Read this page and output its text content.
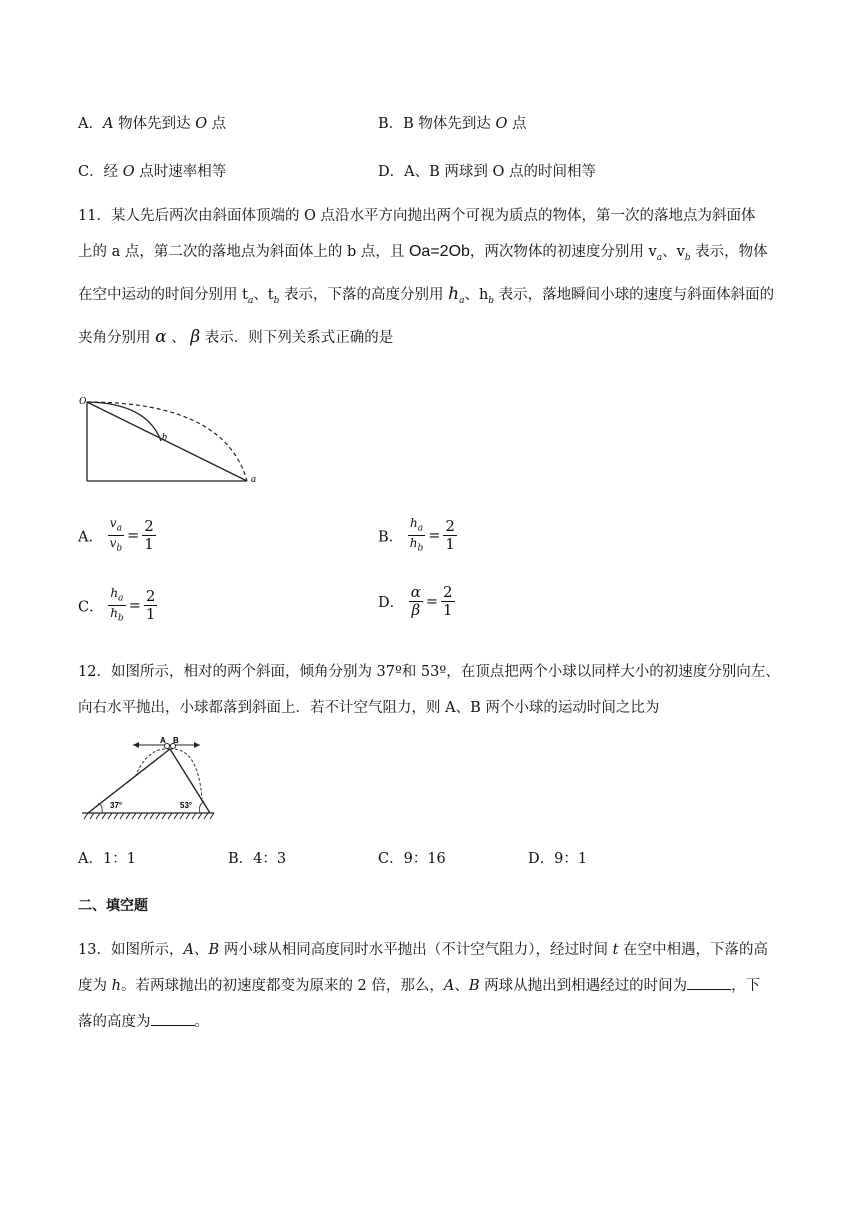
A．A 物体先到达 O 点	B．B 物体先到达 O 点
C．经 O 点时速率相等	D．A、B 两球到 O 点的时间相等
11．某人先后两次由斜面体顶端的 O 点沿水平方向抛出两个可视为质点的物体，第一次的落地点为斜面体
上的 a 点，第二次的落地点为斜面体上的 b 点，且 Oa=2Ob，两次物体的初速度分别用 $v_a$、$v_b$ 表示，物体
在空中运动的时间分别用 $t_a$、$t_b$ 表示，下落的高度分别用 $h_a$、$h_b$ 表示，落地瞬间小球的速度与斜面体斜面的
夹角分别用 α 、 β 表示．则下列关系式正确的是
O
b
a
A． $\frac{v_a}{v_b} = \frac{2}{1}$	B． $\frac{h_a}{h_b} = \frac{2}{1}$
C． $\frac{h_a}{h_b} = \frac{2}{1}$	D． $\frac{\alpha}{\beta} = \frac{2}{1}$
12．如图所示，相对的两个斜面，倾角分别为 37º和 53º，在顶点把两个小球以同样大小的初速度分别向左、
向右水平抛出，小球都落到斜面上．若不计空气阻力，则 A、B 两个小球的运动时间之比为
A B
37°	53°
A．1：1	B．4：3	C．9：16	D．9：1
二、填空题
13．如图所示，A、B 两小球从相同高度同时水平抛出（不计空气阻力），经过时间 t 在空中相遇，下落的高
度为 h。若两球抛出的初速度都变为原来的 2 倍，那么，A、B 两球从抛出到相遇经过的时间为	，下
落的高度为	。
